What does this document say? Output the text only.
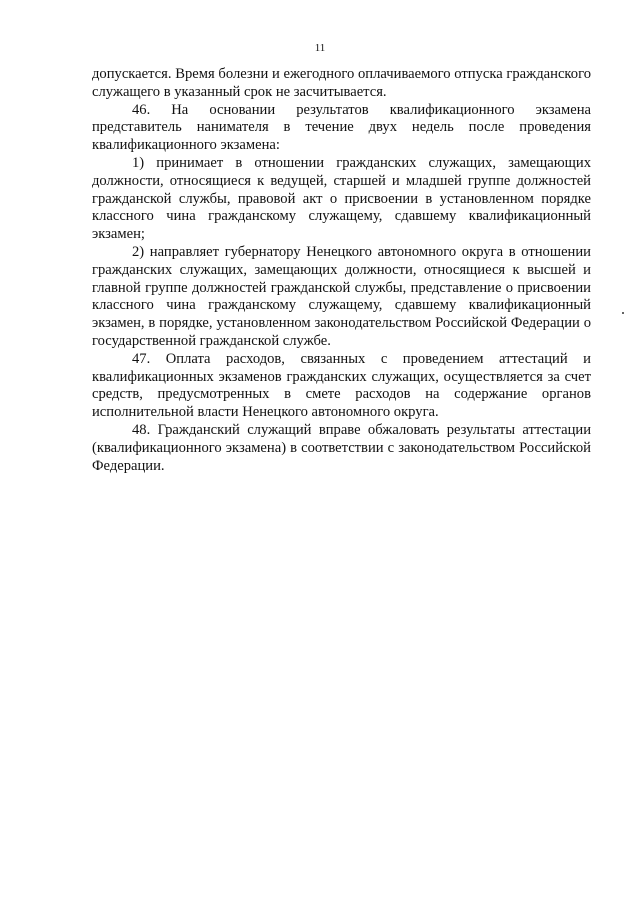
11

допускается. Время болезни и ежегодного оплачиваемого отпуска гражданского служащего в указанный срок не засчитывается.

46. На основании результатов квалификационного экзамена представитель нанимателя в течение двух недель после проведения квалификационного экзамена:

1) принимает в отношении гражданских служащих, замещающих должности, относящиеся к ведущей, старшей и младшей группе должностей гражданской службы, правовой акт о присвоении в установленном порядке классного чина гражданскому служащему, сдавшему квалификационный экзамен;

2) направляет губернатору Ненецкого автономного округа в отношении гражданских служащих, замещающих должности, относящиеся к высшей и главной группе должностей гражданской службы, представление о присвоении классного чина гражданскому служащему, сдавшему квалификационный экзамен, в порядке, установленном законодательством Российской Федерации о государственной гражданской службе.

47. Оплата расходов, связанных с проведением аттестаций и квалификационных экзаменов гражданских служащих, осуществляется за счет средств, предусмотренных в смете расходов на содержание органов исполнительной власти Ненецкого автономного округа.

48. Гражданский служащий вправе обжаловать результаты аттестации (квалификационного экзамена) в соответствии с законодательством Российской Федерации.
